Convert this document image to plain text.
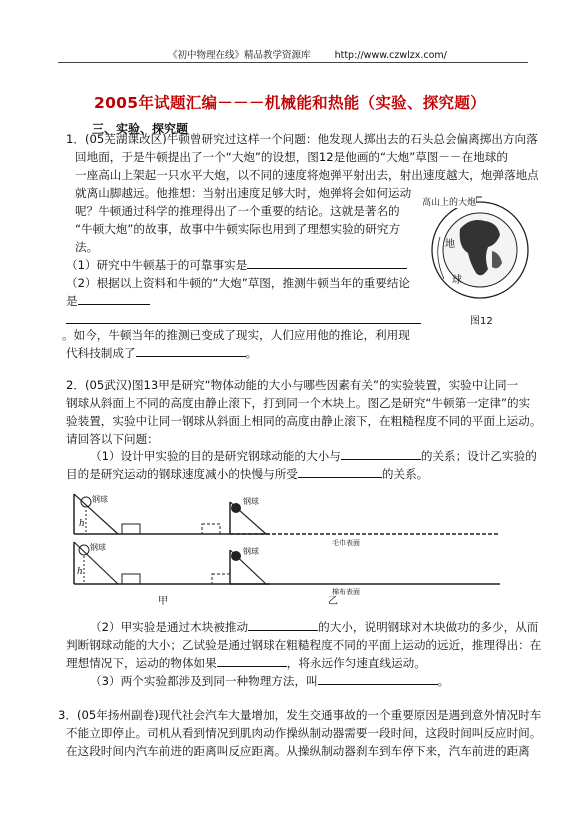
《初中物理在线》精品教学资源库	http://www.czwlzx.com/
2005年试题汇编－－－机械能和热能（实验、探究题）
三、实验、探究题
1．(05芜湖课改区)牛顿曾研究过这样一个问题：他发现人掷出去的石头总会偏离掷出方向落
回地面，于是牛顿提出了一个“大炮”的设想，图12是他画的“大炮”草图－－在地球的
一座高山上架起一只水平大炮，以不同的速度将炮弹平射出去，射出速度越大，炮弹落地点
就离山脚越远。他推想：当射出速度足够大时，炮弹将会如何运动
呢？牛顿通过科学的推理得出了一个重要的结论。这就是著名的
“牛顿大炮”的故事，故事中牛顿实际也用到了理想实验的研究方
法。
（1）研究中牛顿基于的可靠事实是
（2）根据以上资料和牛顿的“大炮”草图，推测牛顿当年的重要结论
是
。如今，牛顿当年的推测已变成了现实，人们应用他的推论，利用现
代科技制成了	。
地
球
图12
高山上的大炮
2．(05武汉)图13甲是研究“物体动能的大小与哪些因素有关”的实验装置，实验中让同一
钢球从斜面上不同的高度由静止滚下，打到同一个木块上。图乙是研究“牛顿第一定律”的实
验装置，实验中让同一钢球从斜面上相同的高度由静止滚下，在粗糙程度不同的平面上运动。
请回答以下问题：
（1）设计甲实验的目的是研究钢球动能的大小与	的关系；设计乙实验的
目的是研究运动的钢球速度减小的快慢与所受	的关系。
钢球
h
钢球
h
钢球
毛巾表面
钢球
棉布表面
甲	乙
（2）甲实验是通过木块被推动	的大小，说明钢球对木块做功的多少，从而
判断钢球动能的大小；乙试验是通过钢球在粗糙程度不同的平面上运动的远近，推理得出：在
理想情况下，运动的物体如果	，将永远作匀速直线运动。
（3）两个实验都涉及到同一种物理方法，叫	。
3．(05年扬州副卷)现代社会汽车大量增加，发生交通事故的一个重要原因是遇到意外情况时车
不能立即停止。司机从看到情况到肌肉动作操纵制动器需要一段时间，这段时间叫反应时间。
在这段时间内汽车前进的距离叫反应距离。从操纵制动器刹车到车停下来，汽车前进的距离
